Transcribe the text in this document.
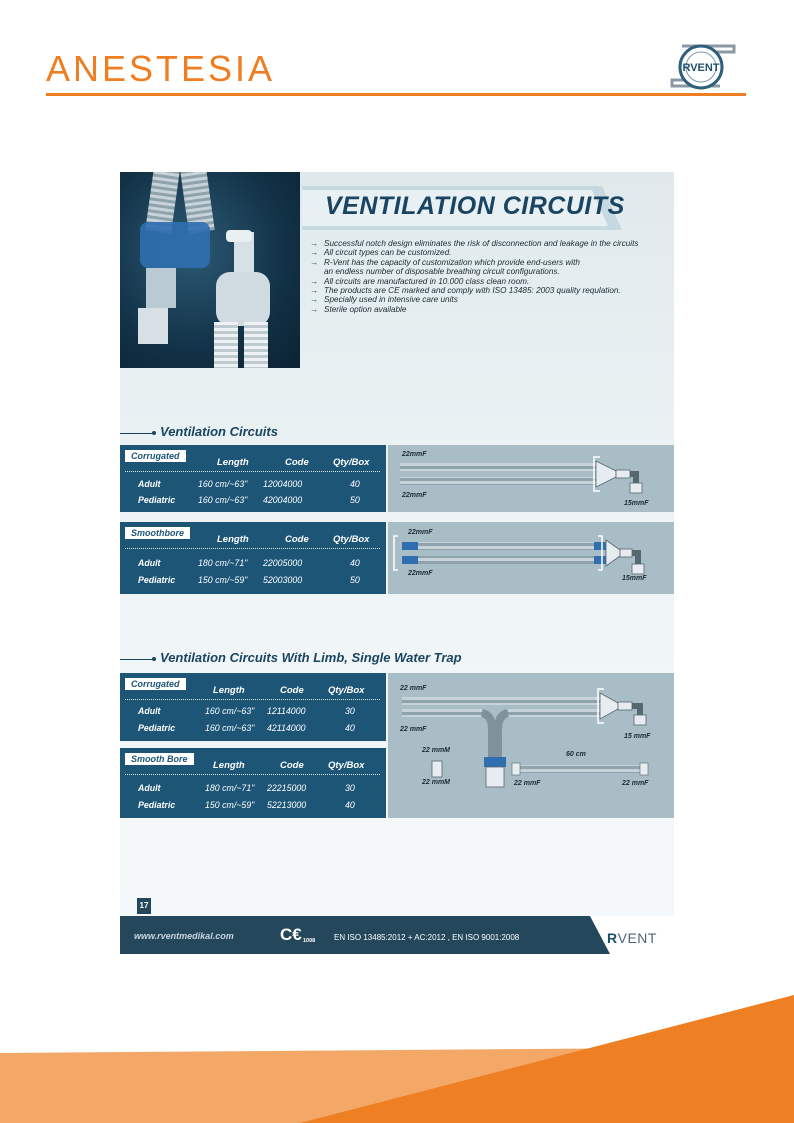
ANESTESIA	RVENT
VENTILATION CIRCUITS
→ Successful notch design eliminates the risk of disconnection and leakage in the circuits
→ All circuit types can be customized.
→ R-Vent has the capacity of customization which provide end-users with
an endless number of disposable breathing circuit configurations.
→ All circuits are manufactured in 10.000 class clean room.
→ The products are CE marked and comply with ISO 13485: 2003 quality requlation.
→ Specially used in intensive care units
→ Sterile option available
Ventilation Circuits
Corrugated
Length	Code	Qty/Box
Adult	160 cm/~63" 12004000	40
Pediatric	160 cm/~63" 42004000	50
22mmF
22mmF
15mmF
Smoothbore
Length	Code	Qty/Box
Adult	180 cm/~71" 22005000	40
Pediatric	150 cm/~59" 52003000	50
22mmF
22mmF
15mmF
Ventilation Circuits With Limb, Single Water Trap
Corrugated
Length	Code	Qty/Box
Adult	160 cm/~63" 12114000	30
Pediatric	160 cm/~63" 42114000	40
Smooth Bore
Length	Code	Qty/Box
Adult	180 cm/~71" 22215000	30
Pediatric	150 cm/~59" 52213000	40
22 mmF
22 mmF
15 mmF
22 mmM
22 mmM
60 cm
22 mmF	22 mmF
17
www.rventmedikal.com	C€ 1008 EN ISO 13485:2012 + AC:2012 , EN ISO 9001:2008	RVENT
